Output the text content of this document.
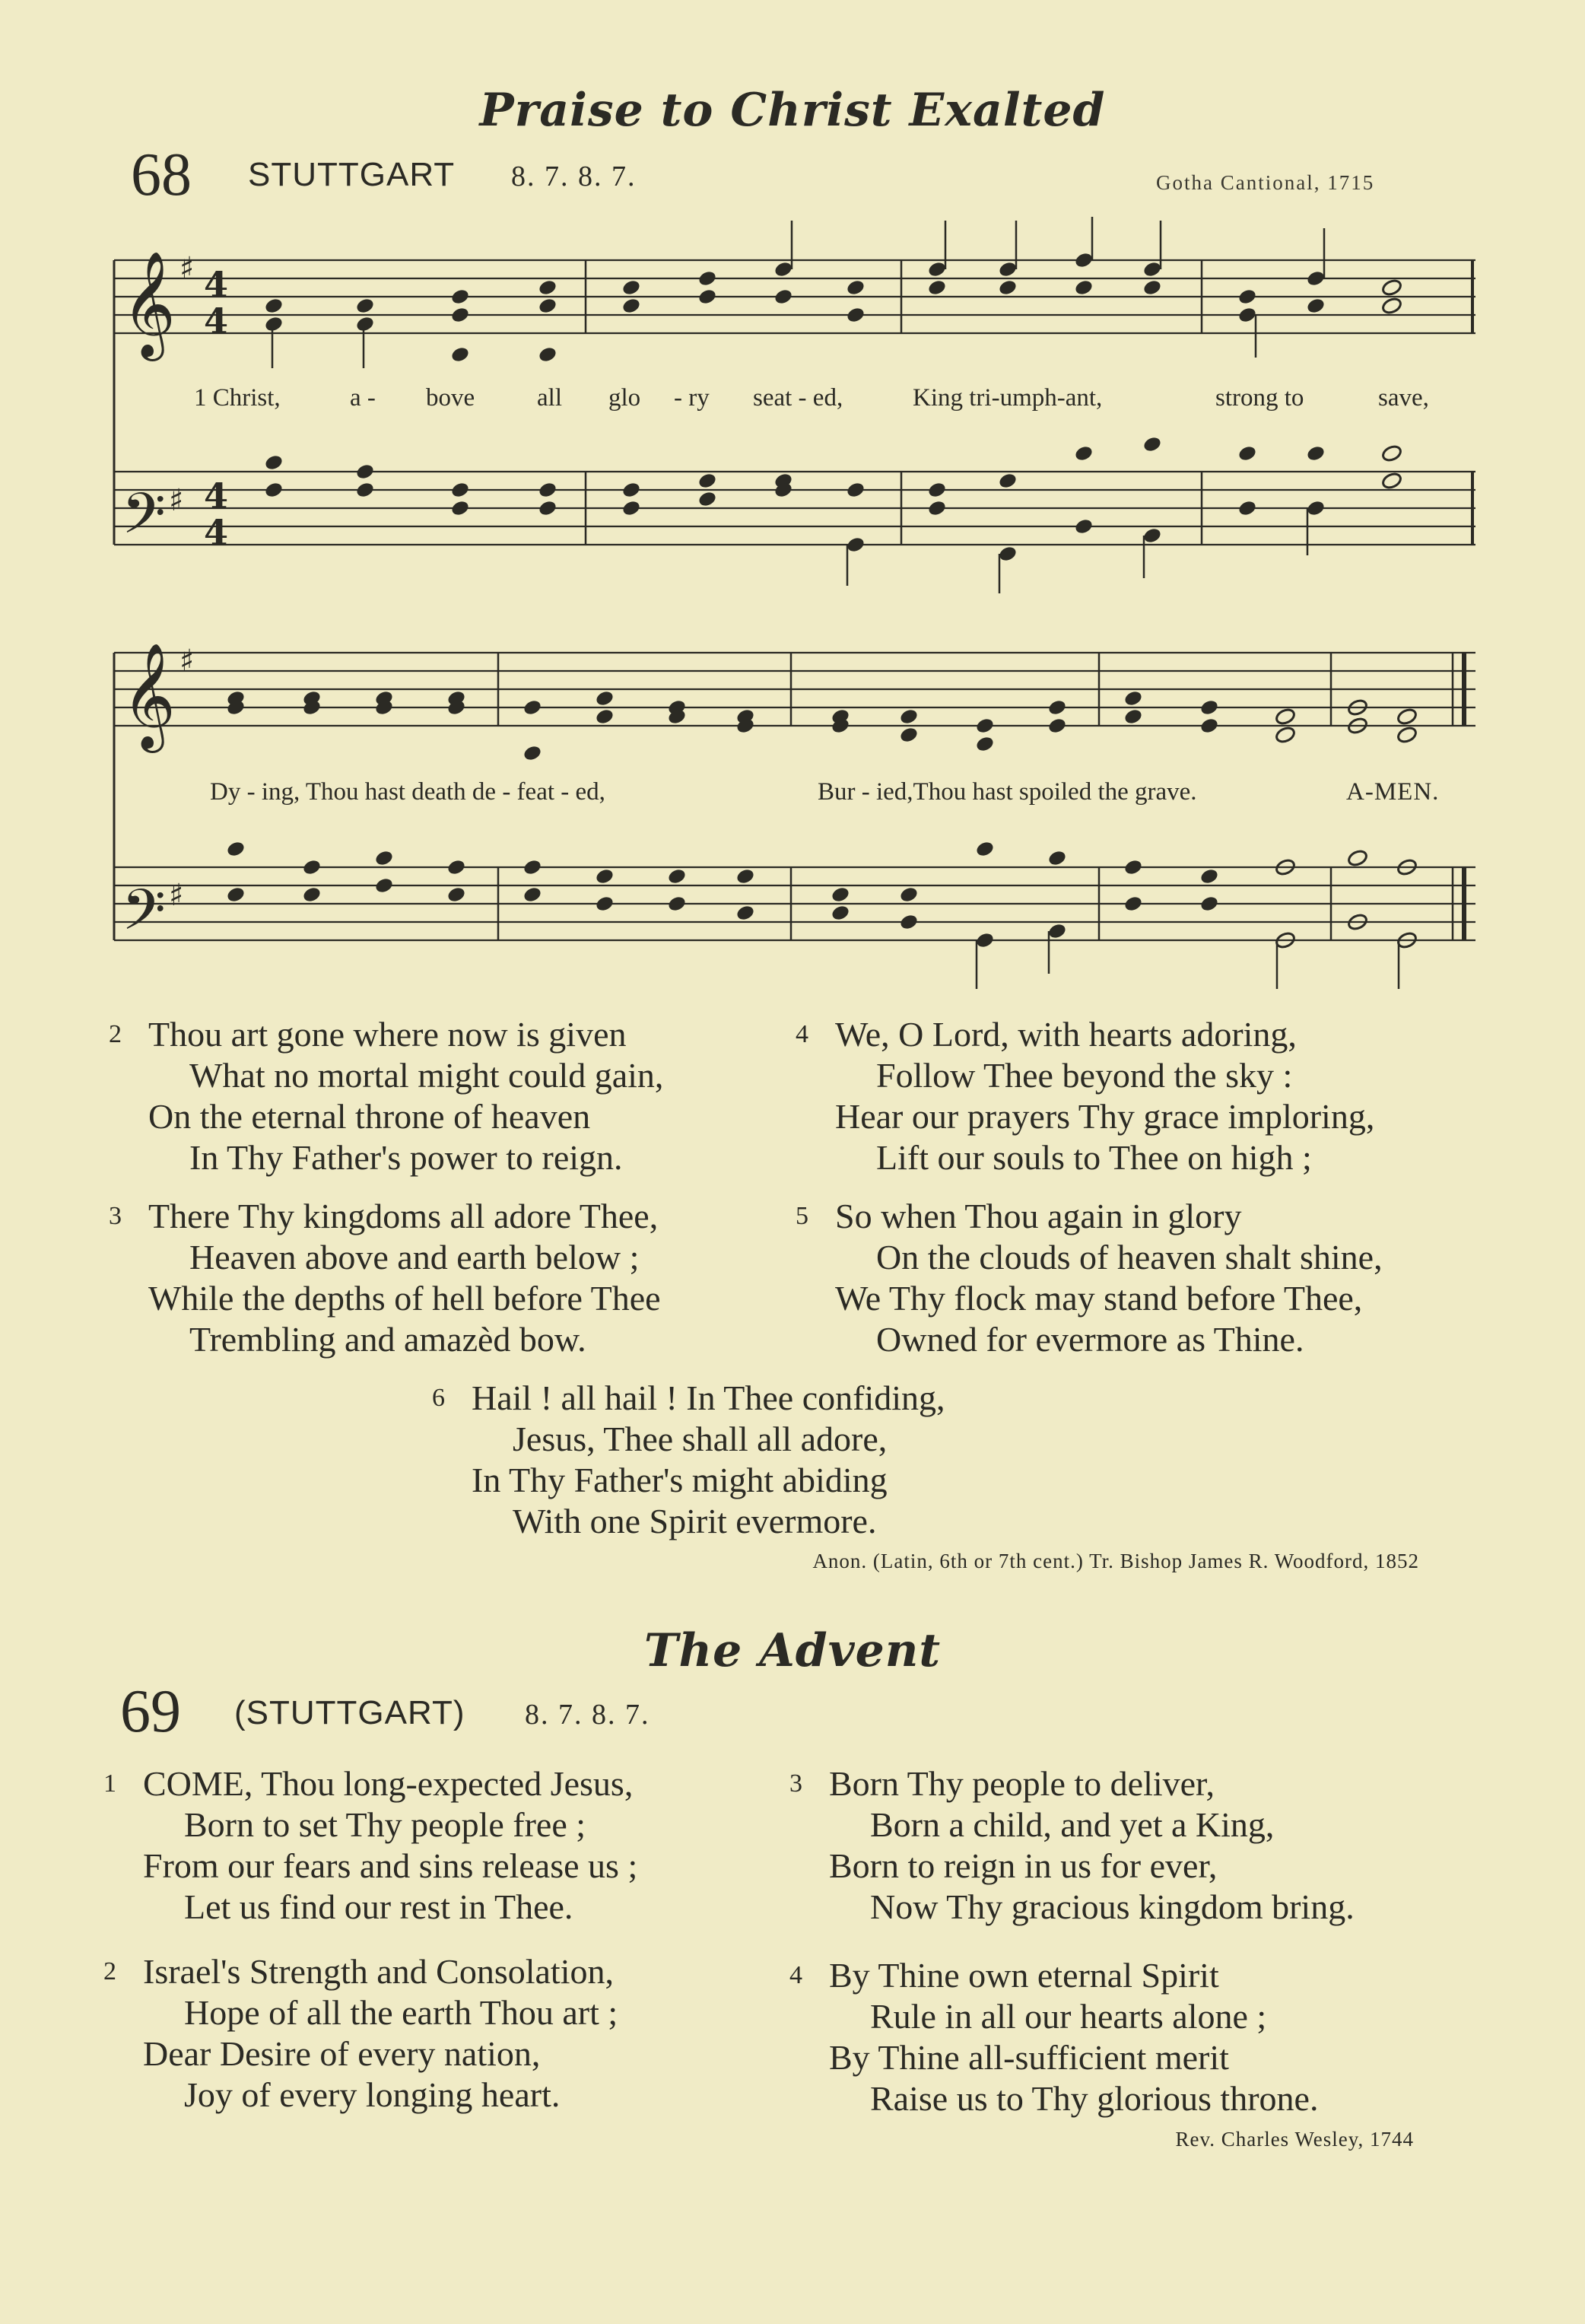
Praise to Christ Exalted
68 STUTTGART 8. 7. 8. 7.	Gotha Cantional, 1715
𝄞
𝄢
𝄞
𝄢
♯
♯
♯
♯
4
4
4
4
1 Christ,	a - bove all glo - ry seat - ed,	King tri-umph-ant,	strong to	save,
Dy - ing, Thou hast death de - feat - ed,	Bur - ied,Thou hast spoiled the grave.	A-MEN.
2 Thou art gone where now is given
What no mortal might could gain,
On the eternal throne of heaven
In Thy Father's power to reign.
3 There Thy kingdoms all adore Thee,
Heaven above and earth below ;
While the depths of hell before Thee
Trembling and amazèd bow.
4 We, O Lord, with hearts adoring,
Follow Thee beyond the sky :
Hear our prayers Thy grace imploring,
Lift our souls to Thee on high ;
5 So when Thou again in glory
On the clouds of heaven shalt shine,
We Thy flock may stand before Thee,
Owned for evermore as Thine.
6 Hail ! all hail ! In Thee confiding,
Jesus, Thee shall all adore,
In Thy Father's might abiding
With one Spirit evermore.
Anon. (Latin, 6th or 7th cent.) Tr. Bishop James R. Woodford, 1852
The Advent
69 (STUTTGART) 8. 7. 8. 7.
1 COME, Thou long-expected Jesus,
Born to set Thy people free ;
From our fears and sins release us ;
Let us find our rest in Thee.
2 Israel's Strength and Consolation,
Hope of all the earth Thou art ;
Dear Desire of every nation,
Joy of every longing heart.
3 Born Thy people to deliver,
Born a child, and yet a King,
Born to reign in us for ever,
Now Thy gracious kingdom bring.
4 By Thine own eternal Spirit
Rule in all our hearts alone ;
By Thine all-sufficient merit
Raise us to Thy glorious throne.
Rev. Charles Wesley, 1744
